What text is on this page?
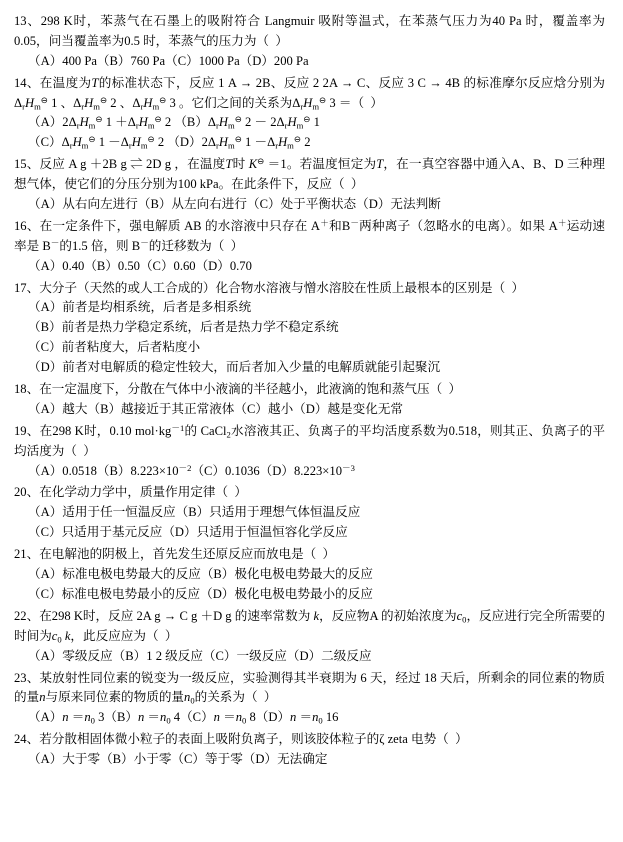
13、298 K时，苯蒸气在石墨上的吸附符合 Langmuir 吸附等温式，在苯蒸气压力为40 Pa 时，覆盖率为0.05，问当覆盖率为0.5 时，苯蒸气的压力为（  ）

（A）400 Pa（B）760 Pa（C）1000 Pa（D）200 Pa

14、在温度为T的标准状态下，反应 1 A → 2B、反应 2 2A → C、反应 3 C → 4B 的标准摩尔反应焓分别为$\Delta_rH_m^⊖$ 1 、$\Delta_rH_m^⊖$ 2 、$\Delta_rH_m^⊖$ 3 。它们之间的关系为$\Delta_rH_m^⊖$ 3 ＝（  ）

$(A)2\Delta_rH_m^⊖$ $1 +\Delta_rH_m^⊖$ 2 $(B)\Delta_rH_m^⊖$ $2 - 2\Delta_rH_m^⊖$ 1

$(C)\Delta_rH_m^⊖$ $1 -\Delta_rH_m^⊖$ 2 $(D)2\Delta_rH_m^⊖$ $1 -\Delta_rH_m^⊖$ 2

15、反应 A g ＋2B g ⇌ 2D g ，在温度T时 K⊖ ＝1。若温度恒定为T，在一真空容器中通入A、B、D 三种理想气体，使它们的分压分别为100 kPa。在此条件下，反应（  ）

（A）从右向左进行（B）从左向右进行（C）处于平衡状态（D）无法判断

16、在一定条件下，强电解质 AB 的水溶液中只存在 A＋和B－两种离子（忽略水的电离）。如果 A＋运动速率是 B－的1.5 倍，则 B－的迁移数为（  ）

（A）0.40（B）0.50（C）0.60（D）0.70

17、大分子（天然的或人工合成的）化合物水溶液与憎水溶胶在性质上最根本的区别是（  ）

（A）前者是均相系统，后者是多相系统

（B）前者是热力学稳定系统，后者是热力学不稳定系统

（C）前者粘度大，后者粘度小

（D）前者对电解质的稳定性较大，而后者加入少量的电解质就能引起聚沉

18、在一定温度下，分散在气体中小液滴的半径越小，此液滴的饱和蒸气压（  ）

（A）越大（B）越接近于其正常液体（C）越小（D）越是变化无常

19、在298 K时，0.10 $mol\cdot kg^{-1}$的 CaCl$_2$水溶液其正、负离子的平均活度系数为0.518，则其正、负离子的平均活度为（  ）

$(A)0.0518(B)8.223\times 10^{-2}(C)0.1036(D)8.223\times 10^{-3}$

20、在化学动力学中，质量作用定律（  ）

（A）适用于任一恒温反应（B）只适用于理想气体恒温反应

（C）只适用于基元反应（D）只适用于恒温恒容化学反应

21、在电解池的阴极上，首先发生还原反应而放电是（  ）

（A）标准电极电势最大的反应（B）极化电极电势最大的反应

（C）标准电极电势最小的反应（D）极化电极电势最小的反应

22、在298 K时，反应 2A g → C g ＋D g 的速率常数为 k，反应物A 的初始浓度为$c_0$，反应进行完全所需要的时间为$c_0$ k，此反应应为（  ）

（A）零级反应（B）1 2 级反应（C）一级反应（D）二级反应

23、某放射性同位素的锐变为一级反应，实验测得其半衰期为 6 天，经过 18 天后，所剩余的同位素的物质的量n与原来同位素的物质的量$n_0$的关系为（  ）

$(A)n =n_0$ $3(B)n =n_0$ $4(C)n =n_0$ $8(D)n =n_0$ 16

24、若分散相固体微小粒子的表面上吸附负离子，则该胶体粒子的ζ zeta 电势（  ）

（A）大于零（B）小于零（C）等于零（D）无法确定
